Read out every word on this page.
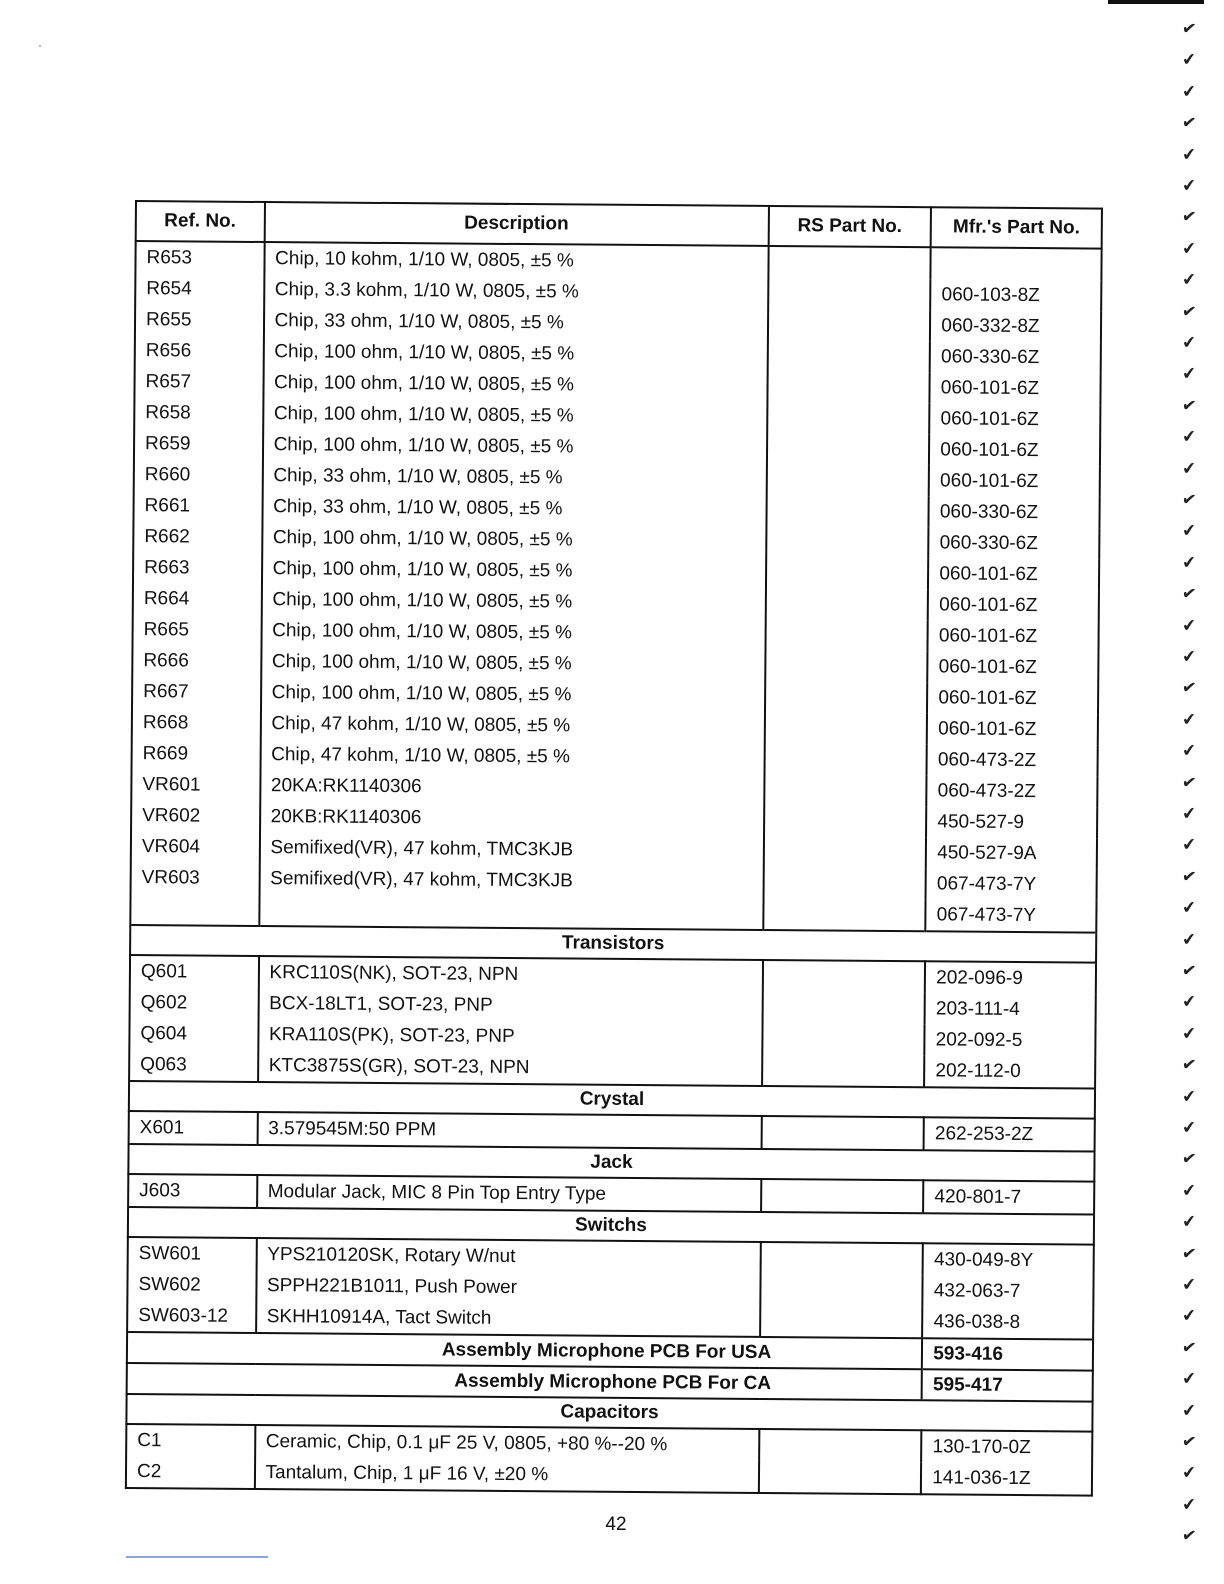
·
✔
✔
✔
✔
✔
✔
✔
✔
✔
✔
✔
✔
✔
✔
✔
✔
✔
✔
✔
✔
✔
✔
✔
✔
✔
✔
✔
✔
✔
✔
✔
✔
✔
✔
✔
✔
✔
✔
✔
✔
✔
✔
✔
✔
✔
✔
✔
✔
✔
Ref. No.	Description	RS Part No.	Mfr.'s Part No.
R653	Chip, 10 kohm, 1/10 W, 0805, ±5 %		
R654	Chip, 3.3 kohm, 1/10 W, 0805, ±5 %		060-103-8Z
R655	Chip, 33 ohm, 1/10 W, 0805, ±5 %		060-332-8Z
R656	Chip, 100 ohm, 1/10 W, 0805, ±5 %		060-330-6Z
R657	Chip, 100 ohm, 1/10 W, 0805, ±5 %		060-101-6Z
R658	Chip, 100 ohm, 1/10 W, 0805, ±5 %		060-101-6Z
R659	Chip, 100 ohm, 1/10 W, 0805, ±5 %		060-101-6Z
R660	Chip, 33 ohm, 1/10 W, 0805, ±5 %		060-101-6Z
R661	Chip, 33 ohm, 1/10 W, 0805, ±5 %		060-330-6Z
R662	Chip, 100 ohm, 1/10 W, 0805, ±5 %		060-330-6Z
R663	Chip, 100 ohm, 1/10 W, 0805, ±5 %		060-101-6Z
R664	Chip, 100 ohm, 1/10 W, 0805, ±5 %		060-101-6Z
R665	Chip, 100 ohm, 1/10 W, 0805, ±5 %		060-101-6Z
R666	Chip, 100 ohm, 1/10 W, 0805, ±5 %		060-101-6Z
R667	Chip, 100 ohm, 1/10 W, 0805, ±5 %		060-101-6Z
R668	Chip, 47 kohm, 1/10 W, 0805, ±5 %		060-101-6Z
R669	Chip, 47 kohm, 1/10 W, 0805, ±5 %		060-473-2Z
VR601	20KA:RK1140306		060-473-2Z
VR602	20KB:RK1140306		450-527-9
VR604	Semifixed(VR), 47 kohm, TMC3KJB		450-527-9A
VR603	Semifixed(VR), 47 kohm, TMC3KJB		067-473-7Y
			067-473-7Y
Transistors			
Q601	KRC110S(NK), SOT-23, NPN		202-096-9
Q602	BCX-18LT1, SOT-23, PNP		203-111-4
Q604	KRA110S(PK), SOT-23, PNP		202-092-5
Q063	KTC3875S(GR), SOT-23, NPN		202-112-0
Crystal			
X601	3.579545M:50 PPM		262-253-2Z
Jack			
J603	Modular Jack, MIC 8 Pin Top Entry Type		420-801-7
Switchs			
SW601	YPS210120SK, Rotary W/nut		430-049-8Y
SW602	SPPH221B1011, Push Power		432-063-7
SW603-12	SKHH10914A, Tact Switch		436-038-8
Assembly Microphone PCB For USA			593-416
Assembly Microphone PCB For CA			595-417
Capacitors			
C1	Ceramic, Chip, 0.1 μF 25 V, 0805, +80 %--20 %		130-170-0Z
C2	Tantalum, Chip, 1 μF 16 V, ±20 %		141-036-1Z
42
